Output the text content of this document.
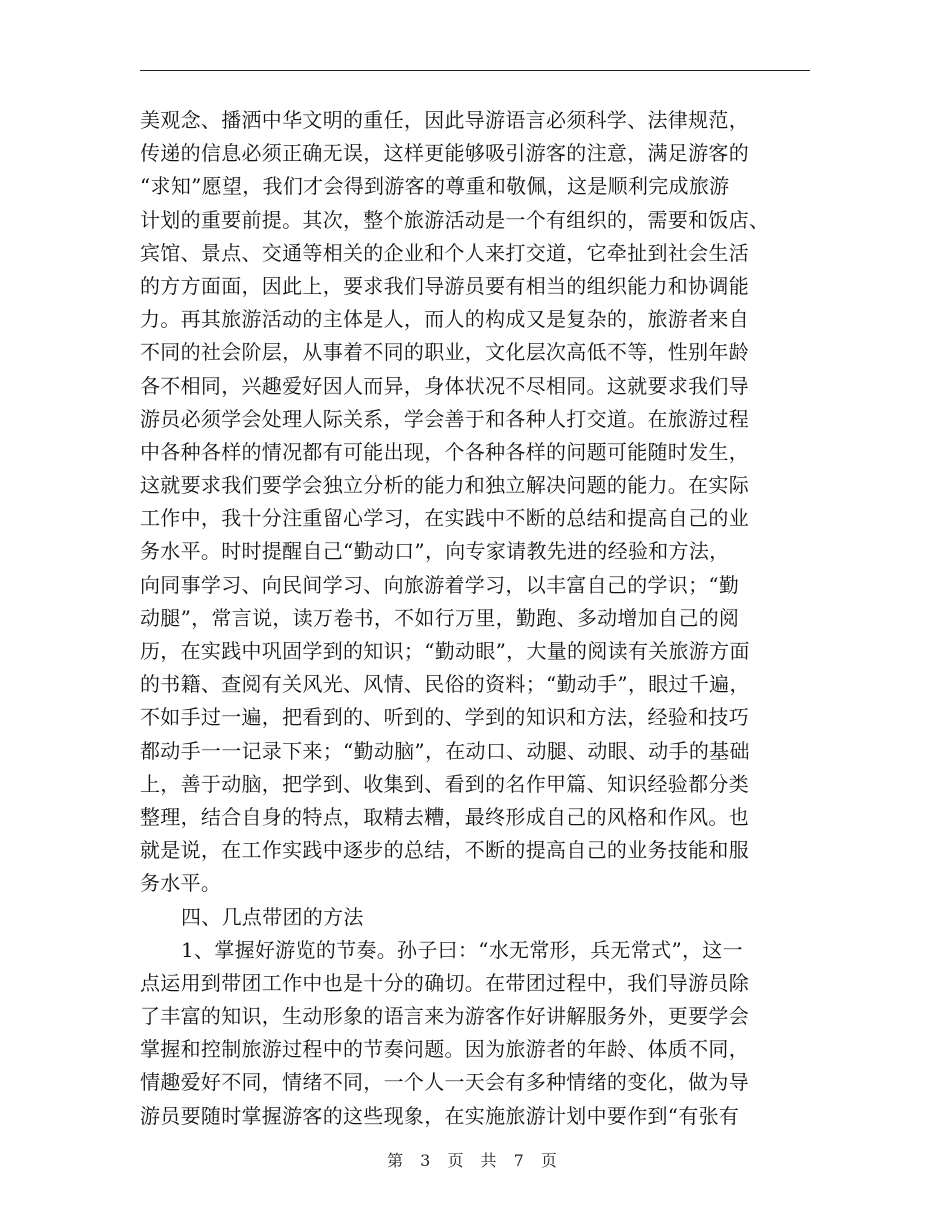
美观念、播洒中华文明的重任，因此导游语言必须科学、法律规范，
传递的信息必须正确无误，这样更能够吸引游客的注意，满足游客的
“求知”愿望，我们才会得到游客的尊重和敬佩，这是顺利完成旅游
计划的重要前提。其次，整个旅游活动是一个有组织的，需要和饭店、
宾馆、景点、交通等相关的企业和个人来打交道，它牵扯到社会生活
的方方面面，因此上，要求我们导游员要有相当的组织能力和协调能
力。再其旅游活动的主体是人，而人的构成又是复杂的，旅游者来自
不同的社会阶层，从事着不同的职业，文化层次高低不等，性别年龄
各不相同，兴趣爱好因人而异，身体状况不尽相同。这就要求我们导
游员必须学会处理人际关系，学会善于和各种人打交道。在旅游过程
中各种各样的情况都有可能出现，个各种各样的问题可能随时发生，
这就要求我们要学会独立分析的能力和独立解决问题的能力。在实际
工作中，我十分注重留心学习，在实践中不断的总结和提高自己的业
务水平。时时提醒自己“勤动口”，向专家请教先进的经验和方法，
向同事学习、向民间学习、向旅游着学习，以丰富自己的学识；“勤
动腿”，常言说，读万卷书，不如行万里，勤跑、多动增加自己的阅
历，在实践中巩固学到的知识；“勤动眼”，大量的阅读有关旅游方面
的书籍、查阅有关风光、风情、民俗的资料；“勤动手”，眼过千遍，
不如手过一遍，把看到的、听到的、学到的知识和方法，经验和技巧
都动手一一记录下来；“勤动脑”，在动口、动腿、动眼、动手的基础
上，善于动脑，把学到、收集到、看到的名作甲篇、知识经验都分类
整理，结合自身的特点，取精去糟，最终形成自己的风格和作风。也
就是说，在工作实践中逐步的总结，不断的提高自己的业务技能和服
务水平。
四、几点带团的方法
1、掌握好游览的节奏。孙子曰：“水无常形，兵无常式”，这一
点运用到带团工作中也是十分的确切。在带团过程中，我们导游员除
了丰富的知识，生动形象的语言来为游客作好讲解服务外，更要学会
掌握和控制旅游过程中的节奏问题。因为旅游者的年龄、体质不同，
情趣爱好不同，情绪不同，一个人一天会有多种情绪的变化，做为导
游员要随时掌握游客的这些现象，在实施旅游计划中要作到“有张有
第 3 页 共 7 页
